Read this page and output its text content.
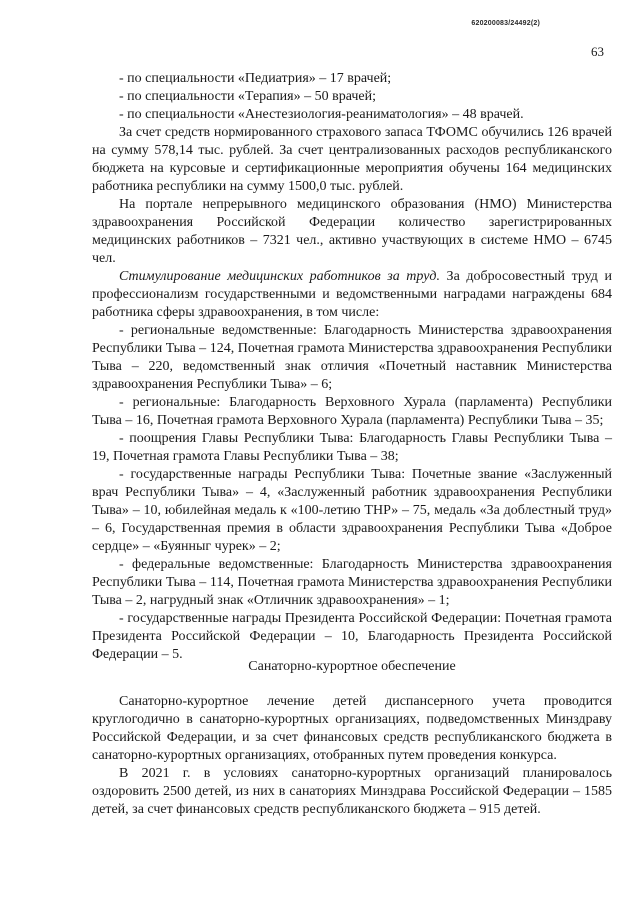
620200083/24492(2)
63

- по специальности «Педиатрия» – 17 врачей;

- по специальности «Терапия» – 50 врачей;

- по специальности «Анестезиология-реаниматология» – 48 врачей.

За счет средств нормированного страхового запаса ТФОМС обучились 126 врачей на сумму 578,14 тыс. рублей. За счет централизованных расходов республиканского бюджета на курсовые и сертификационные мероприятия обучены 164 медицинских работника республики на сумму 1500,0 тыс. рублей.

На портале непрерывного медицинского образования (НМО) Министерства здравоохранения Российской Федерации количество зарегистрированных медицинских работников – 7321 чел., активно участвующих в системе НМО – 6745 чел.

Стимулирование медицинских работников за труд. За добросовестный труд и профессионализм государственными и ведомственными наградами награждены 684 работника сферы здравоохранения, в том числе:

- региональные ведомственные: Благодарность Министерства здравоохранения Республики Тыва – 124, Почетная грамота Министерства здравоохранения Республики Тыва – 220, ведомственный знак отличия «Почетный наставник Министерства здравоохранения Республики Тыва» – 6;

- региональные: Благодарность Верховного Хурала (парламента) Республики Тыва – 16, Почетная грамота Верховного Хурала (парламента) Республики Тыва – 35;

- поощрения Главы Республики Тыва: Благодарность Главы Республики Тыва – 19, Почетная грамота Главы Республики Тыва – 38;

- государственные награды Республики Тыва: Почетные звание «Заслуженный врач Республики Тыва» – 4, «Заслуженный работник здравоохранения Республики Тыва» – 10, юбилейная медаль к «100-летию ТНР» – 75, медаль «За доблестный труд» – 6, Государственная премия в области здравоохранения Республики Тыва «Доброе сердце» – «Буянныг чурек» – 2;

- федеральные ведомственные: Благодарность Министерства здравоохранения Республики Тыва – 114, Почетная грамота Министерства здравоохранения Республики Тыва – 2, нагрудный знак «Отличник здравоохранения» – 1;

- государственные награды Президента Российской Федерации: Почетная грамота Президента Российской Федерации – 10, Благодарность Президента Российской Федерации – 5.

Санаторно-курортное обеспечение

Санаторно-курортное лечение детей диспансерного учета проводится круглогодично в санаторно-курортных организациях, подведомственных Минздраву Российской Федерации, и за счет финансовых средств республиканского бюджета в санаторно-курортных организациях, отобранных путем проведения конкурса.

В 2021 г. в условиях санаторно-курортных организаций планировалось оздоровить 2500 детей, из них в санаториях Минздрава Российской Федерации – 1585 детей, за счет финансовых средств республиканского бюджета – 915 детей.
